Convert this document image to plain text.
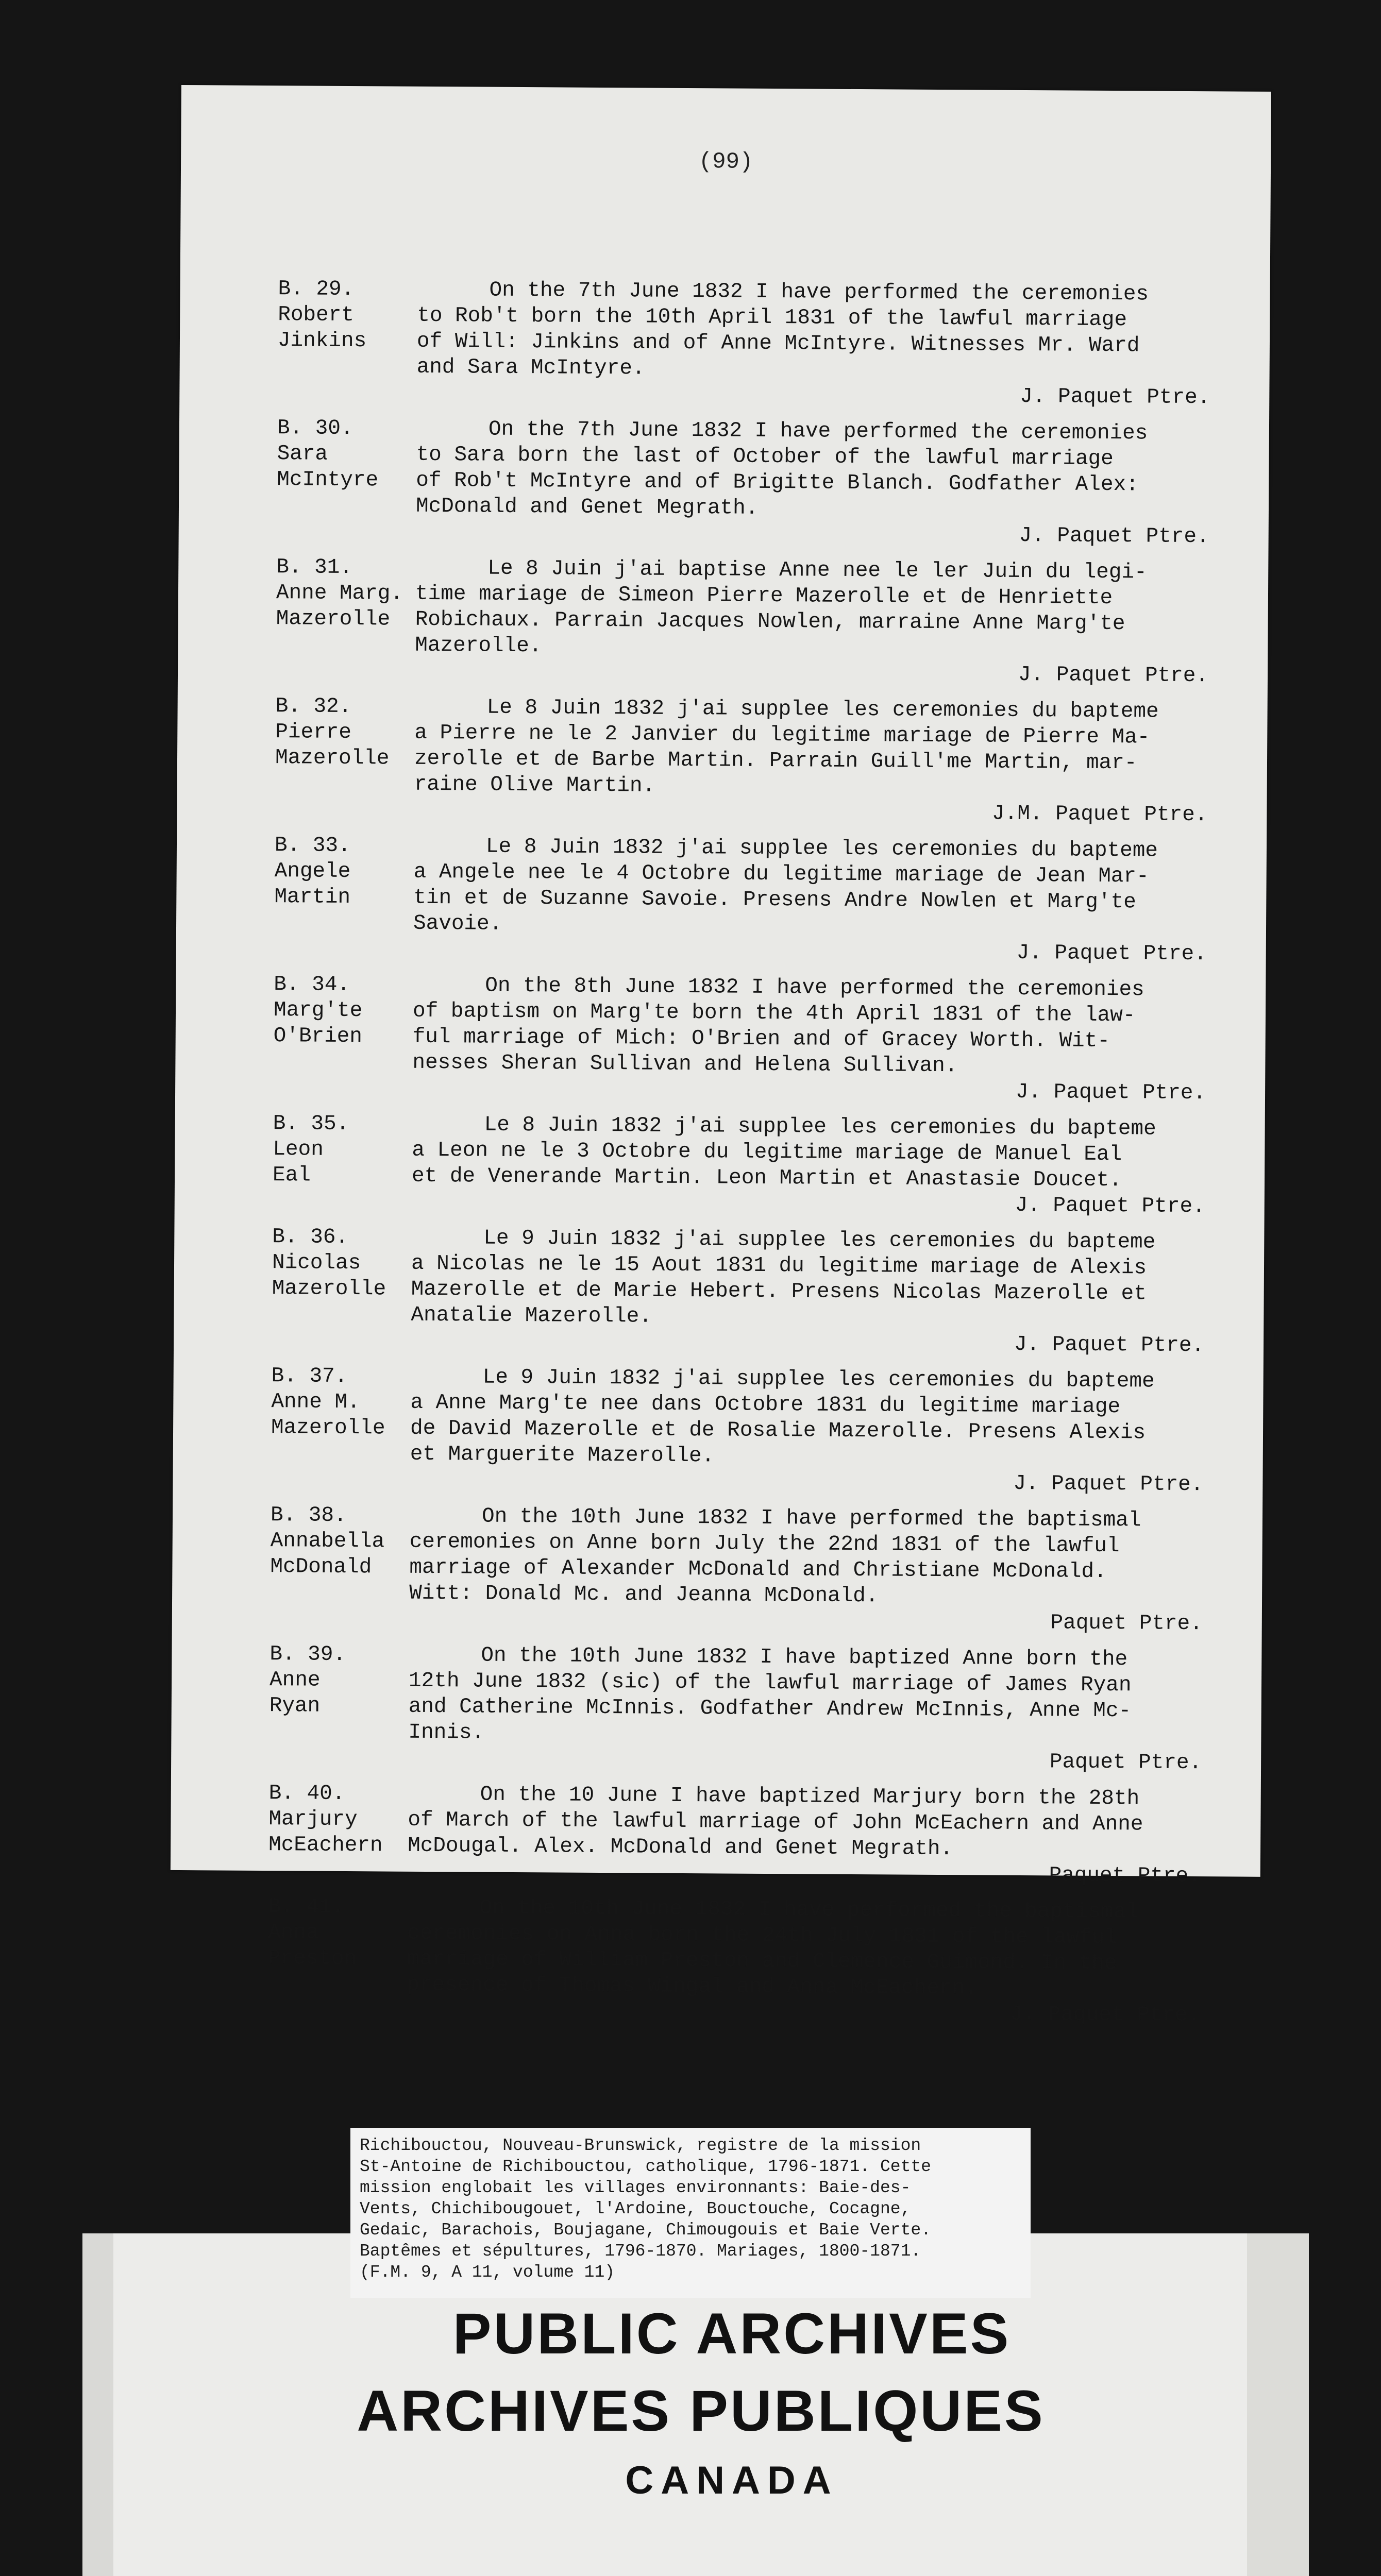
(99)
B. 29.
Robert
Jinkins
On the 7th June 1832 I have performed the ceremonies
to Rob't born the 10th April 1831 of the lawful marriage
of Will: Jinkins and of Anne McIntyre. Witnesses Mr. Ward
and Sara McIntyre.
J. Paquet Ptre.
B. 30.
Sara
McIntyre
On the 7th June 1832 I have performed the ceremonies
to Sara born the last of October of the lawful marriage
of Rob't McIntyre and of Brigitte Blanch. Godfather Alex:
McDonald and Genet Megrath.
J. Paquet Ptre.
B. 31.
Anne Marg.
Mazerolle
Le 8 Juin j'ai baptise Anne nee le ler Juin du legi-
time mariage de Simeon Pierre Mazerolle et de Henriette
Robichaux. Parrain Jacques Nowlen, marraine Anne Marg'te
Mazerolle.
J. Paquet Ptre.
B. 32.
Pierre
Mazerolle
Le 8 Juin 1832 j'ai supplee les ceremonies du bapteme
a Pierre ne le 2 Janvier du legitime mariage de Pierre Ma-
zerolle et de Barbe Martin. Parrain Guill'me Martin, mar-
raine Olive Martin.
J.M. Paquet Ptre.
B. 33.
Angele
Martin
Le 8 Juin 1832 j'ai supplee les ceremonies du bapteme
a Angele nee le 4 Octobre du legitime mariage de Jean Mar-
tin et de Suzanne Savoie. Presens Andre Nowlen et Marg'te
Savoie.
J. Paquet Ptre.
B. 34.
Marg'te
O'Brien
On the 8th June 1832 I have performed the ceremonies
of baptism on Marg'te born the 4th April 1831 of the law-
ful marriage of Mich: O'Brien and of Gracey Worth. Wit-
nesses Sheran Sullivan and Helena Sullivan.
J. Paquet Ptre.
B. 35.
Leon
Eal
Le 8 Juin 1832 j'ai supplee les ceremonies du bapteme
a Leon ne le 3 Octobre du legitime mariage de Manuel Eal
et de Venerande Martin. Leon Martin et Anastasie Doucet.
J. Paquet Ptre.
B. 36.
Nicolas
Mazerolle
Le 9 Juin 1832 j'ai supplee les ceremonies du bapteme
a Nicolas ne le 15 Aout 1831 du legitime mariage de Alexis
Mazerolle et de Marie Hebert. Presens Nicolas Mazerolle et
Anatalie Mazerolle.
J. Paquet Ptre.
B. 37.
Anne M.
Mazerolle
Le 9 Juin 1832 j'ai supplee les ceremonies du bapteme
a Anne Marg'te nee dans Octobre 1831 du legitime mariage
de David Mazerolle et de Rosalie Mazerolle. Presens Alexis
et Marguerite Mazerolle.
J. Paquet Ptre.
B. 38.
Annabella
McDonald
On the 10th June 1832 I have performed the baptismal
ceremonies on Anne born July the 22nd 1831 of the lawful
marriage of Alexander McDonald and Christiane McDonald.
Witt: Donald Mc. and Jeanna McDonald.
Paquet Ptre.
B. 39.
Anne
Ryan
On the 10th June 1832 I have baptized Anne born the
12th June 1832 (sic) of the lawful marriage of James Ryan
and Catherine McInnis. Godfather Andrew McInnis, Anne Mc-
Innis.
Paquet Ptre.
B. 40.
Marjury
McEachern
On the 10 June I have baptized Marjury born the 28th
of March of the lawful marriage of John McEachern and Anne
McDougal. Alex. McDonald and Genet Megrath.
Paquet Ptre.
B. 41.
Anna
Preston
On the 10th June 1832 I have performed the baptismal
ceremonies on Anna born the 24th July 1831 of the lawful
marriage of William Preston and Clemence Guimond. In the
presence of Thomas Wingal and Anna McEachern.
J. Paquet Ptre.
PUBLIC ARCHIVES
ARCHIVES PUBLIQUES
CANADA
Richibouctou, Nouveau-Brunswick, registre de la mission
St-Antoine de Richibouctou, catholique, 1796-1871. Cette
mission englobait les villages environnants: Baie-des-
Vents, Chichibougouet, l'Ardoine, Bouctouche, Cocagne,
Gedaic, Barachois, Boujagane, Chimougouis et Baie Verte.
Baptêmes et sépultures, 1796-1870. Mariages, 1800-1871.
(F.M. 9, A 11, volume 11)
